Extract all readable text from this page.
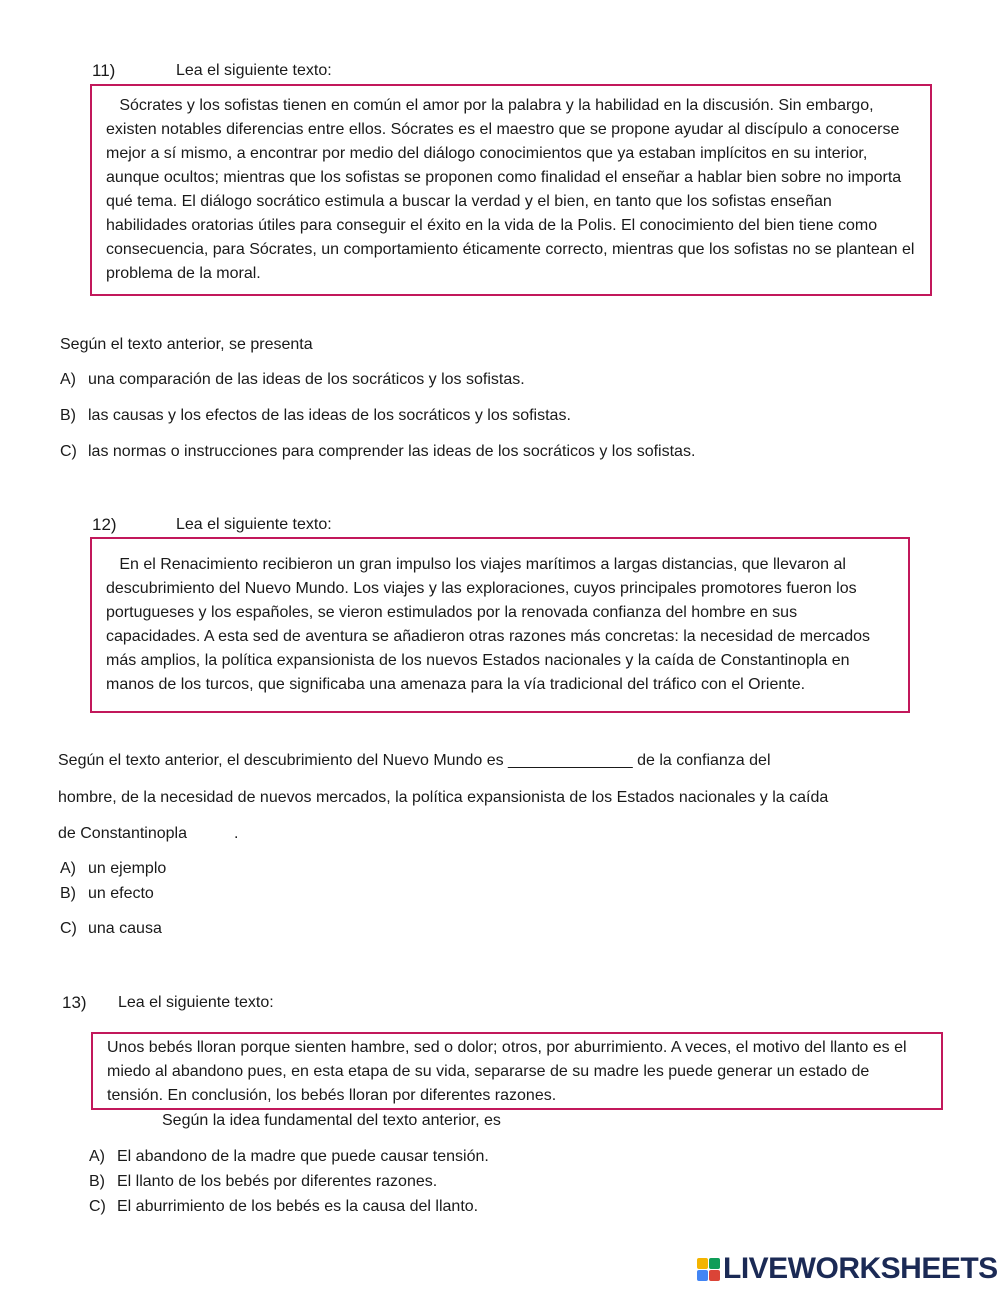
11)	Lea el siguiente texto:
Sócrates y los sofistas tienen en común el amor por la palabra y la habilidad en la discusión. Sin embargo,
existen notables diferencias entre ellos. Sócrates es el maestro que se propone ayudar al discípulo a conocerse
mejor a sí mismo, a encontrar por medio del diálogo conocimientos que ya estaban implícitos en su interior,
aunque ocultos; mientras que los sofistas se proponen como finalidad el enseñar a hablar bien sobre no importa
qué tema. El diálogo socrático estimula a buscar la verdad y el bien, en tanto que los sofistas enseñan
habilidades oratorias útiles para conseguir el éxito en la vida de la Polis. El conocimiento del bien tiene como
consecuencia, para Sócrates, un comportamiento éticamente correcto, mientras que los sofistas no se plantean el
problema de la moral.
Según el texto anterior, se presenta
A) una comparación de las ideas de los socráticos y los sofistas.
B) las causas y los efectos de las ideas de los socráticos y los sofistas.
C) las normas o instrucciones para comprender las ideas de los socráticos y los sofistas.
12)	Lea el siguiente texto:
En el Renacimiento recibieron un gran impulso los viajes marítimos a largas distancias, que llevaron al
descubrimiento del Nuevo Mundo. Los viajes y las exploraciones, cuyos principales promotores fueron los
portugueses y los españoles, se vieron estimulados por la renovada confianza del hombre en sus
capacidades. A esta sed de aventura se añadieron otras razones más concretas: la necesidad de mercados
más amplios, la política expansionista de los nuevos Estados nacionales y la caída de Constantinopla en
manos de los turcos, que significaba una amenaza para la vía tradicional del tráfico con el Oriente.
Según el texto anterior, el descubrimiento del Nuevo Mundo es ______________ de la confianza del
hombre, de la necesidad de nuevos mercados, la política expansionista de los Estados nacionales y la caída
de Constantinopla	.
A) un ejemplo
B) un efecto
C) una causa
13) Lea el siguiente texto:
Unos bebés lloran porque sienten hambre, sed o dolor; otros, por aburrimiento. A veces, el motivo del llanto es el
miedo al abandono pues, en esta etapa de su vida, separarse de su madre les puede generar un estado de
tensión. En conclusión, los bebés lloran por diferentes razones.
Según la idea fundamental del texto anterior, es
A) El abandono de la madre que puede causar tensión.
B) El llanto de los bebés por diferentes razones.
C) El aburrimiento de los bebés es la causa del llanto.
LIVEWORKSHEETS
